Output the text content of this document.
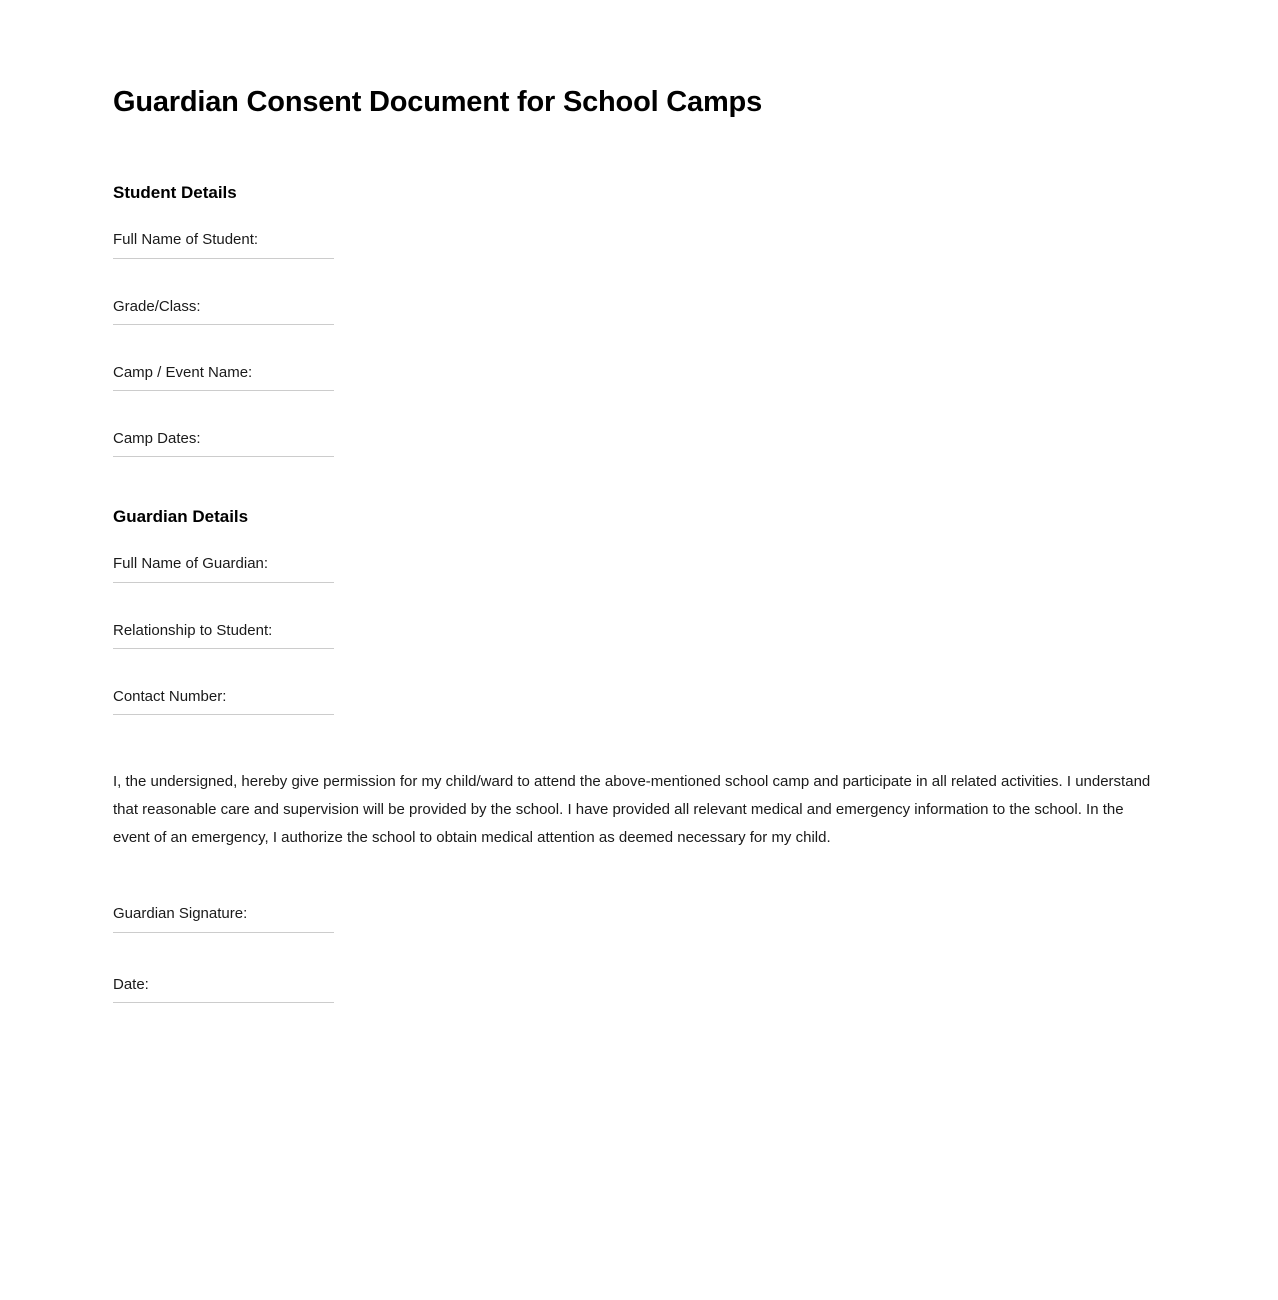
Guardian Consent Document for School Camps
Student Details
Full Name of Student:
Grade/Class:
Camp / Event Name:
Camp Dates:
Guardian Details
Full Name of Guardian:
Relationship to Student:
Contact Number:

I, the undersigned, hereby give permission for my child/ward to attend the above-mentioned school camp and participate in all related activities. I understand that reasonable care and supervision will be provided by the school. I have provided all relevant medical and emergency information to the school. In the event of an emergency, I authorize the school to obtain medical attention as deemed necessary for my child.

Guardian Signature:
Date:
